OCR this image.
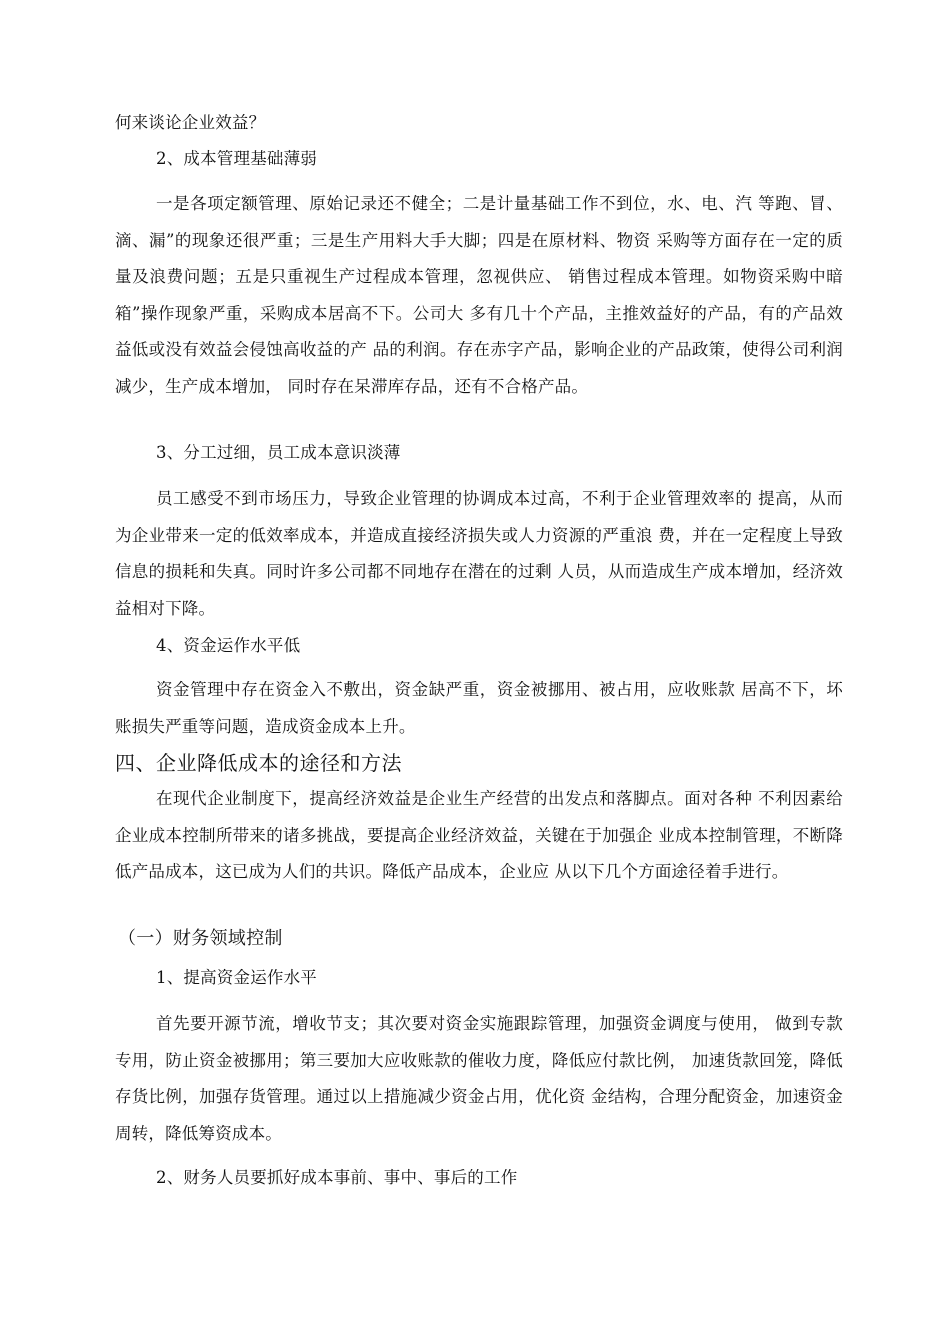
何来谈论企业效益？

2、成本管理基础薄弱

一是各项定额管理、原始记录还不健全；二是计量基础工作不到位，水、电、汽 等跑、冒、滴、漏”的现象还很严重；三是生产用料大手大脚；四是在原材料、物资 采购等方面存在一定的质量及浪费问题；五是只重视生产过程成本管理，忽视供应、 销售过程成本管理。如物资采购中暗箱”操作现象严重，采购成本居高不下。公司大 多有几十个产品，主推效益好的产品，有的产品效益低或没有效益会侵蚀高收益的产 品的利润。存在赤字产品，影响企业的产品政策，使得公司利润减少，生产成本增加， 同时存在呆滞库存品，还有不合格产品。

3、分工过细，员工成本意识淡薄

员工感受不到市场压力，导致企业管理的协调成本过高，不利于企业管理效率的 提高，从而为企业带来一定的低效率成本，并造成直接经济损失或人力资源的严重浪 费，并在一定程度上导致信息的损耗和失真。同时许多公司都不同地存在潜在的过剩 人员，从而造成生产成本增加，经济效益相对下降。

4、资金运作水平低

资金管理中存在资金入不敷出，资金缺严重，资金被挪用、被占用，应收账款 居高不下，坏账损失严重等问题，造成资金成本上升。

四、企业降低成本的途径和方法

在现代企业制度下，提高经济效益是企业生产经营的出发点和落脚点。面对各种 不利因素给企业成本控制所带来的诸多挑战，要提高企业经济效益，关键在于加强企 业成本控制管理，不断降低产品成本，这已成为人们的共识。降低产品成本，企业应 从以下几个方面途径着手进行。

（一）财务领域控制

1、提高资金运作水平

首先要开源节流，增收节支；其次要对资金实施跟踪管理，加强资金调度与使用， 做到专款专用，防止资金被挪用；第三要加大应收账款的催收力度，降低应付款比例， 加速货款回笼，降低存货比例，加强存货管理。通过以上措施减少资金占用，优化资 金结构，合理分配资金，加速资金周转，降低筹资成本。

2、财务人员要抓好成本事前、事中、事后的工作
